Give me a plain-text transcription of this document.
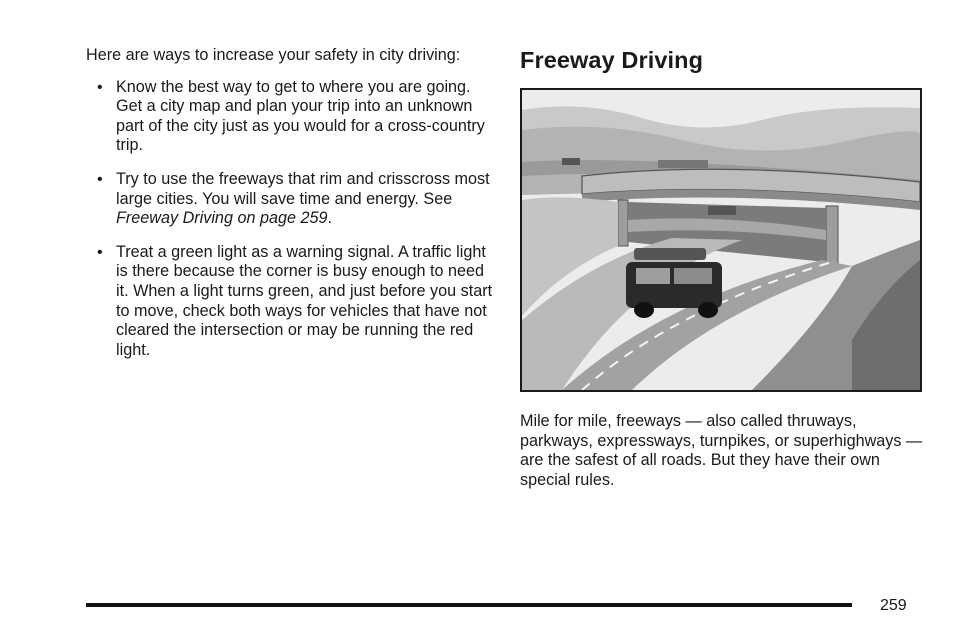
Here are ways to increase your safety in city driving:

• Know the best way to get to where you are going. Get a city map and plan your trip into an unknown part of the city just as you would for a cross-country trip.
• Try to use the freeways that rim and crisscross most large cities. You will save time and energy. See Freeway Driving on page 259.
• Treat a green light as a warning signal. A traffic light is there because the corner is busy enough to need it. When a light turns green, and just before you start to move, check both ways for vehicles that have not cleared the intersection or may be running the red light.
Freeway Driving

Mile for mile, freeways — also called thruways, parkways, expressways, turnpikes, or superhighways — are the safest of all roads. But they have their own special rules.

259
